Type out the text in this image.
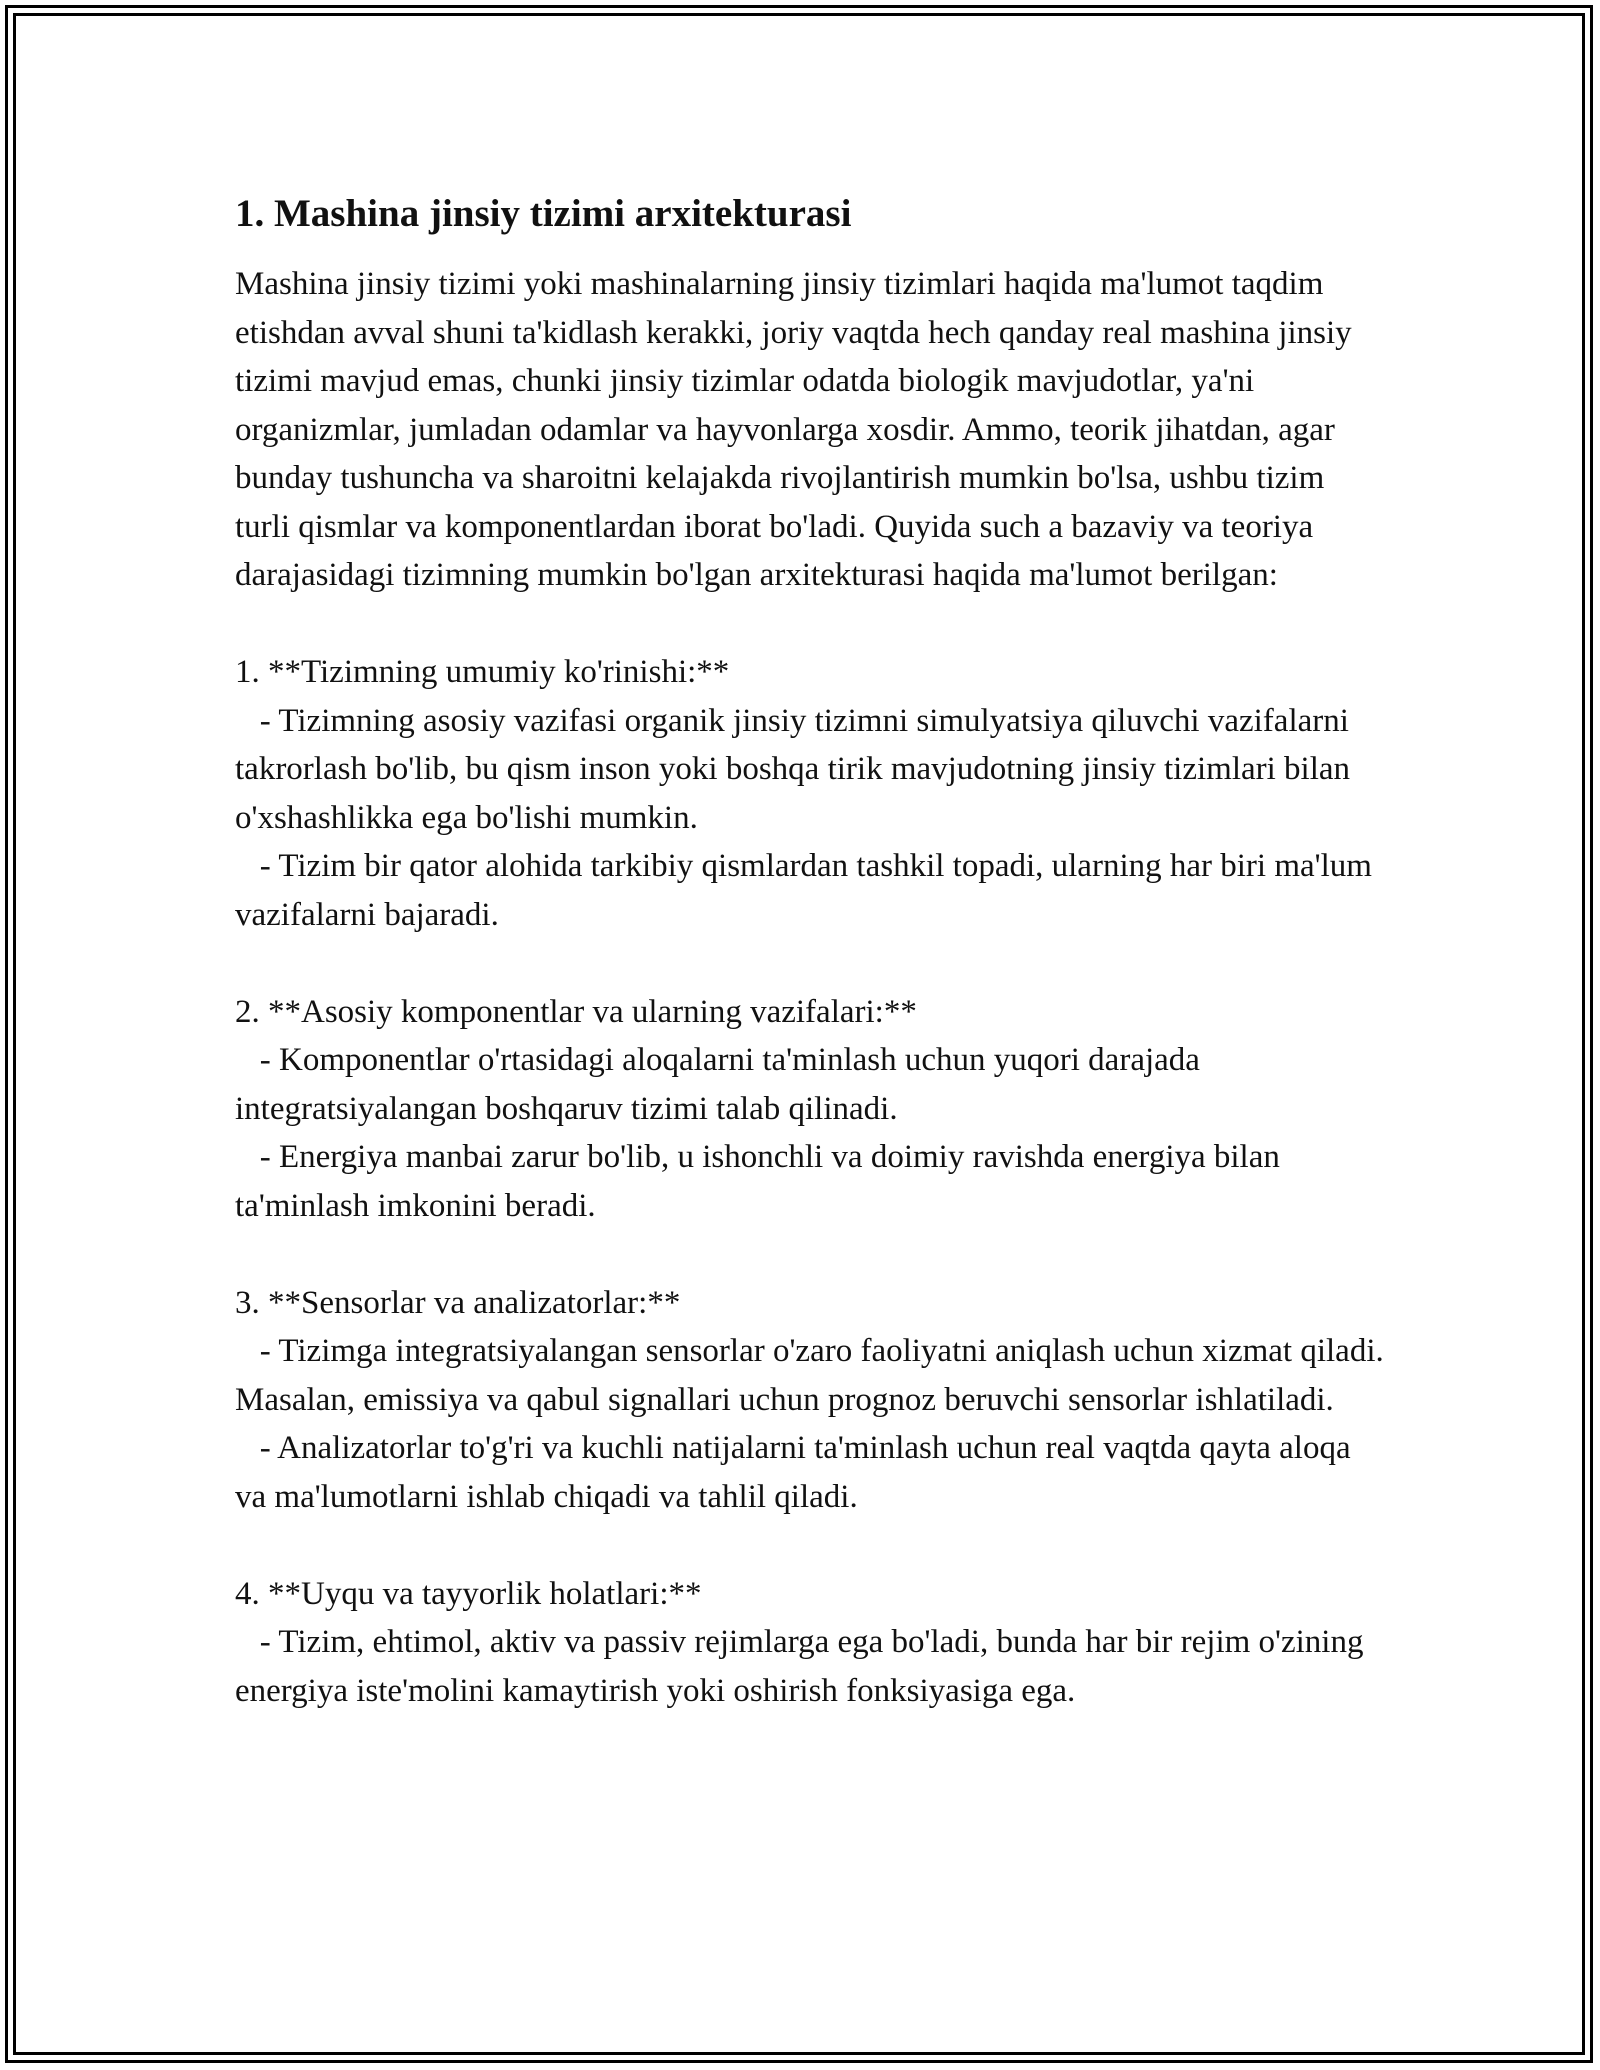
1. Mashina jinsiy tizimi arxitekturasi

Mashina jinsiy tizimi yoki mashinalarning jinsiy tizimlari haqida ma'lumot taqdim etishdan avval shuni ta'kidlash kerakki, joriy vaqtda hech qanday real mashina jinsiy tizimi mavjud emas, chunki jinsiy tizimlar odatda biologik mavjudotlar, ya'ni organizmlar, jumladan odamlar va hayvonlarga xosdir. Ammo, teorik jihatdan, agar bunday tushuncha va sharoitni kelajakda rivojlantirish mumkin bo'lsa, ushbu tizim turli qismlar va komponentlardan iborat bo'ladi. Quyida such a bazaviy va teoriya darajasidagi tizimning mumkin bo'lgan arxitekturasi haqida ma'lumot berilgan:

1. **Tizimning umumiy ko'rinishi:**

- Tizimning asosiy vazifasi organik jinsiy tizimni simulyatsiya qiluvchi vazifalarni takrorlash bo'lib, bu qism inson yoki boshqa tirik mavjudotning jinsiy tizimlari bilan o'xshashlikka ega bo'lishi mumkin.

- Tizim bir qator alohida tarkibiy qismlardan tashkil topadi, ularning har biri ma'lum vazifalarni bajaradi.

2. **Asosiy komponentlar va ularning vazifalari:**

- Komponentlar o'rtasidagi aloqalarni ta'minlash uchun yuqori darajada integratsiyalangan boshqaruv tizimi talab qilinadi.

- Energiya manbai zarur bo'lib, u ishonchli va doimiy ravishda energiya bilan ta'minlash imkonini beradi.

3. **Sensorlar va analizatorlar:**

- Tizimga integratsiyalangan sensorlar o'zaro faoliyatni aniqlash uchun xizmat qiladi. Masalan, emissiya va qabul signallari uchun prognoz beruvchi sensorlar ishlatiladi.

- Analizatorlar to'g'ri va kuchli natijalarni ta'minlash uchun real vaqtda qayta aloqa va ma'lumotlarni ishlab chiqadi va tahlil qiladi.

4. **Uyqu va tayyorlik holatlari:**

- Tizim, ehtimol, aktiv va passiv rejimlarga ega bo'ladi, bunda har bir rejim o'zining energiya iste'molini kamaytirish yoki oshirish fonksiyasiga ega.
